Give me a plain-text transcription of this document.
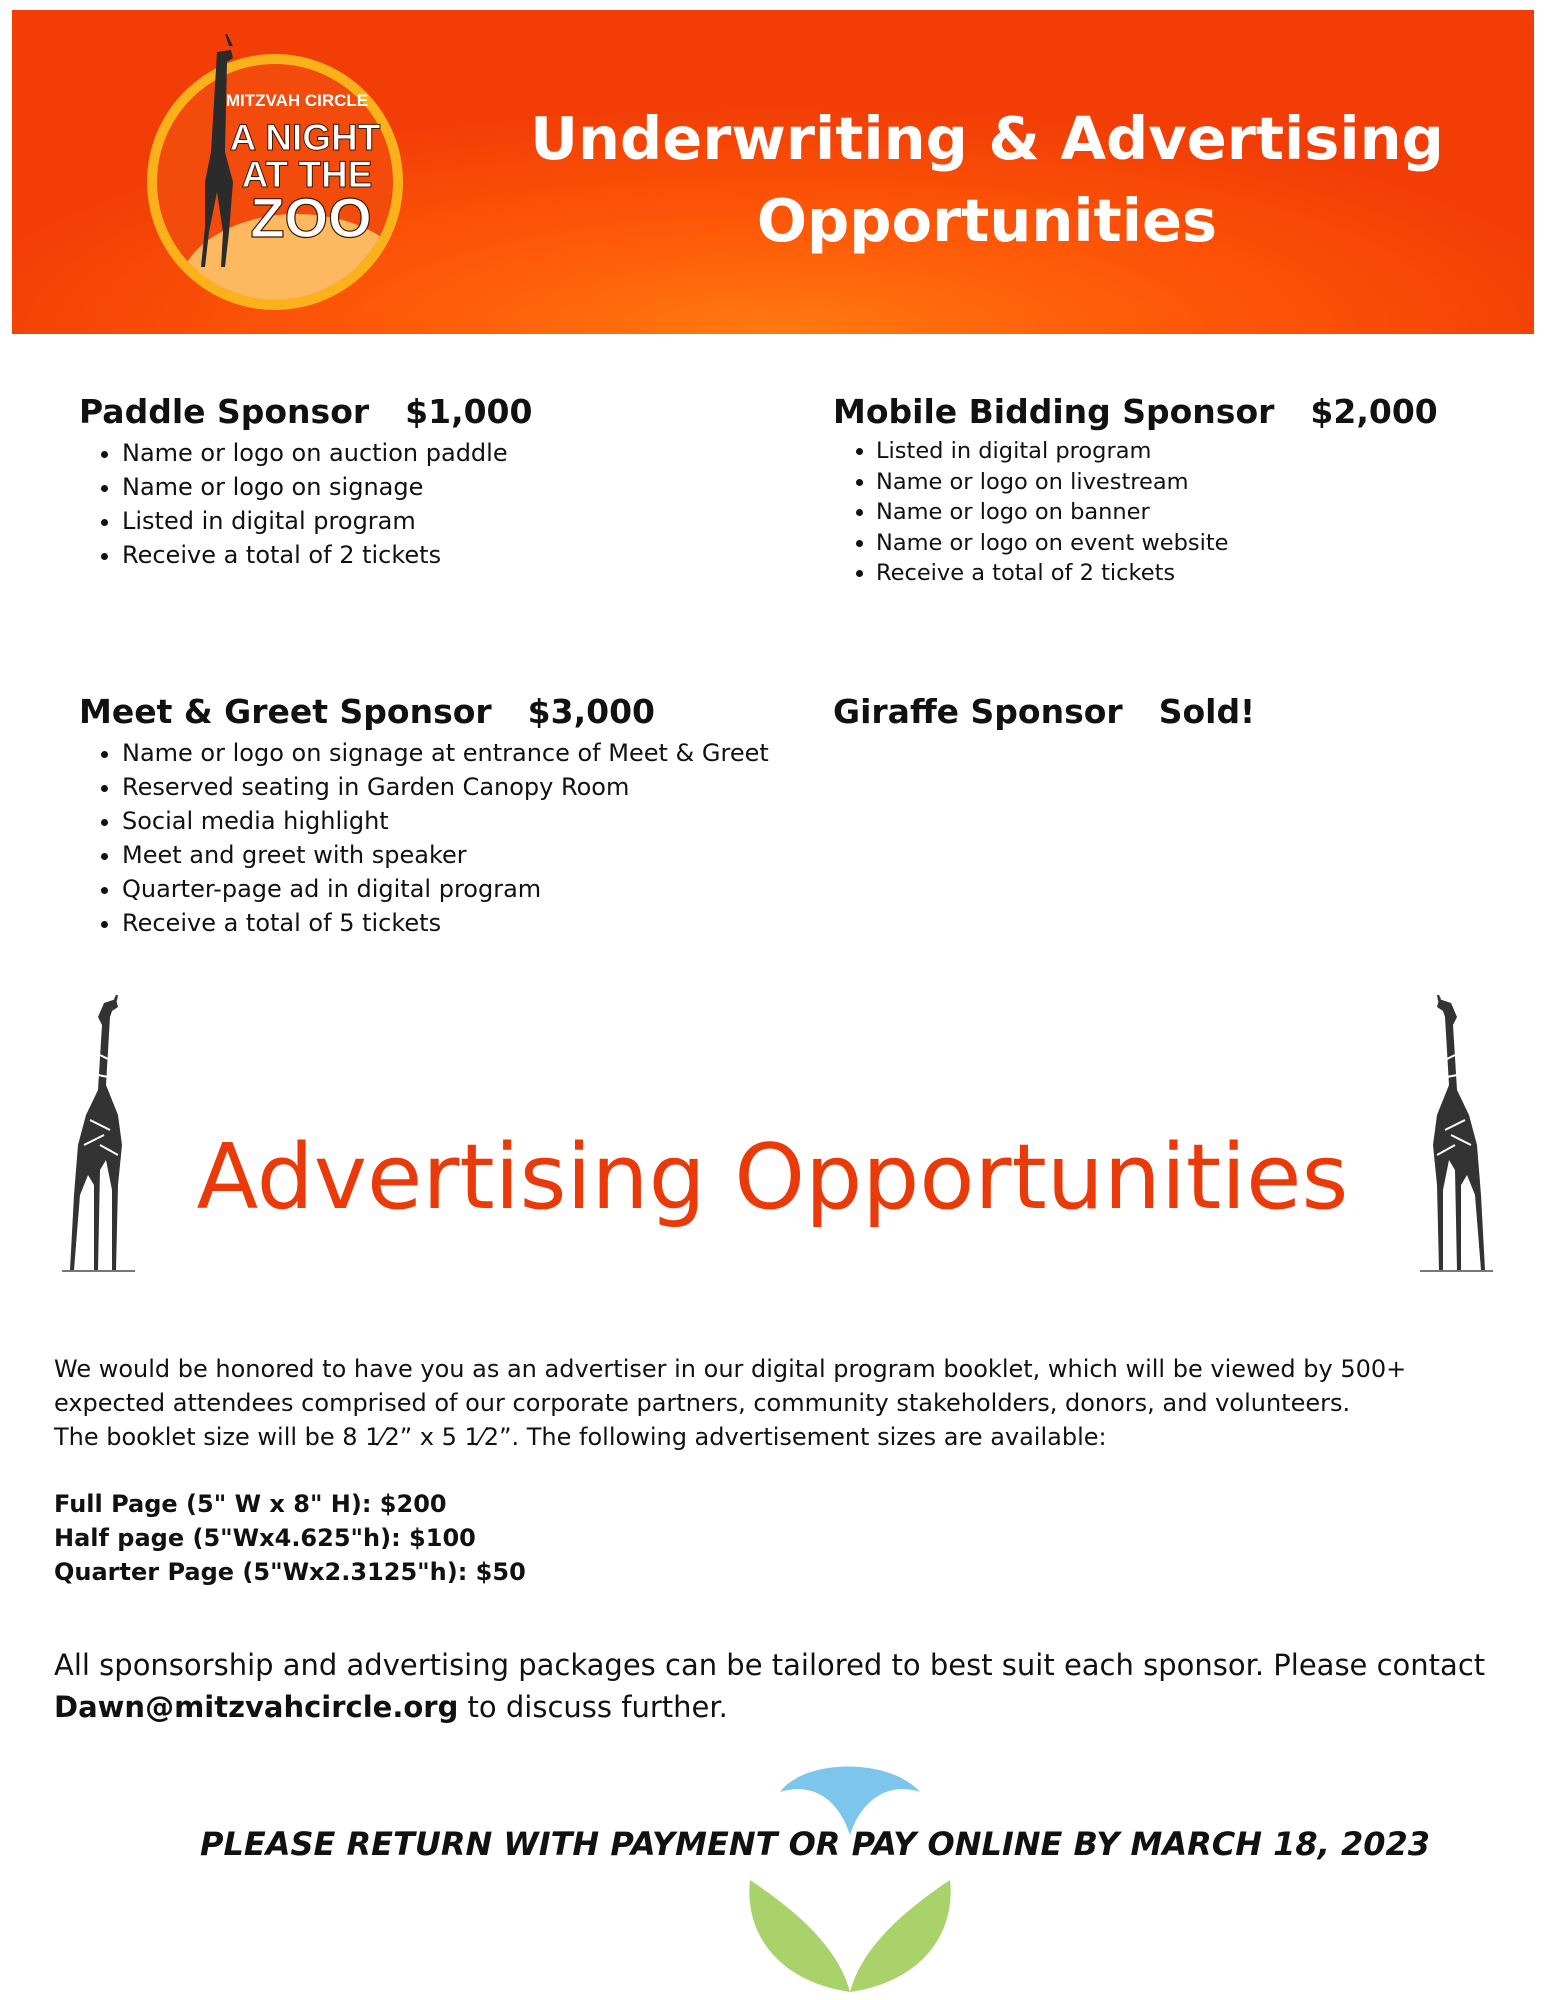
MITZVAH CIRCLE
A NIGHT
AT THE
ZOO
Underwriting & Advertising
Opportunities
Paddle Sponsor $1,000
• Name or logo on auction paddle
• Name or logo on signage
• Listed in digital program
• Receive a total of 2 tickets
Mobile Bidding Sponsor $2,000
• Listed in digital program
• Name or logo on livestream
• Name or logo on banner
• Name or logo on event website
• Receive a total of 2 tickets
Meet & Greet Sponsor $3,000
• Name or logo on signage at entrance of Meet & Greet
• Reserved seating in Garden Canopy Room
• Social media highlight
• Meet and greet with speaker
• Quarter-page ad in digital program
• Receive a total of 5 tickets
Giraffe Sponsor Sold!
Advertising Opportunities

We would be honored to have you as an advertiser in our digital program booklet, which will be viewed by 500+ expected attendees comprised of our corporate partners, community stakeholders, donors, and volunteers.

The booklet size will be 8 1⁄2” x 5 1⁄2”. The following advertisement sizes are available:

Full Page (5" W x 8" H): $200
Half page (5"Wx4.625"h): $100
Quarter Page (5"Wx2.3125"h): $50
All sponsorship and advertising packages can be tailored to best suit each sponsor. Please contact Dawn@mitzvahcircle.org to discuss further.
PLEASE RETURN WITH PAYMENT OR PAY ONLINE BY MARCH 18, 2023
